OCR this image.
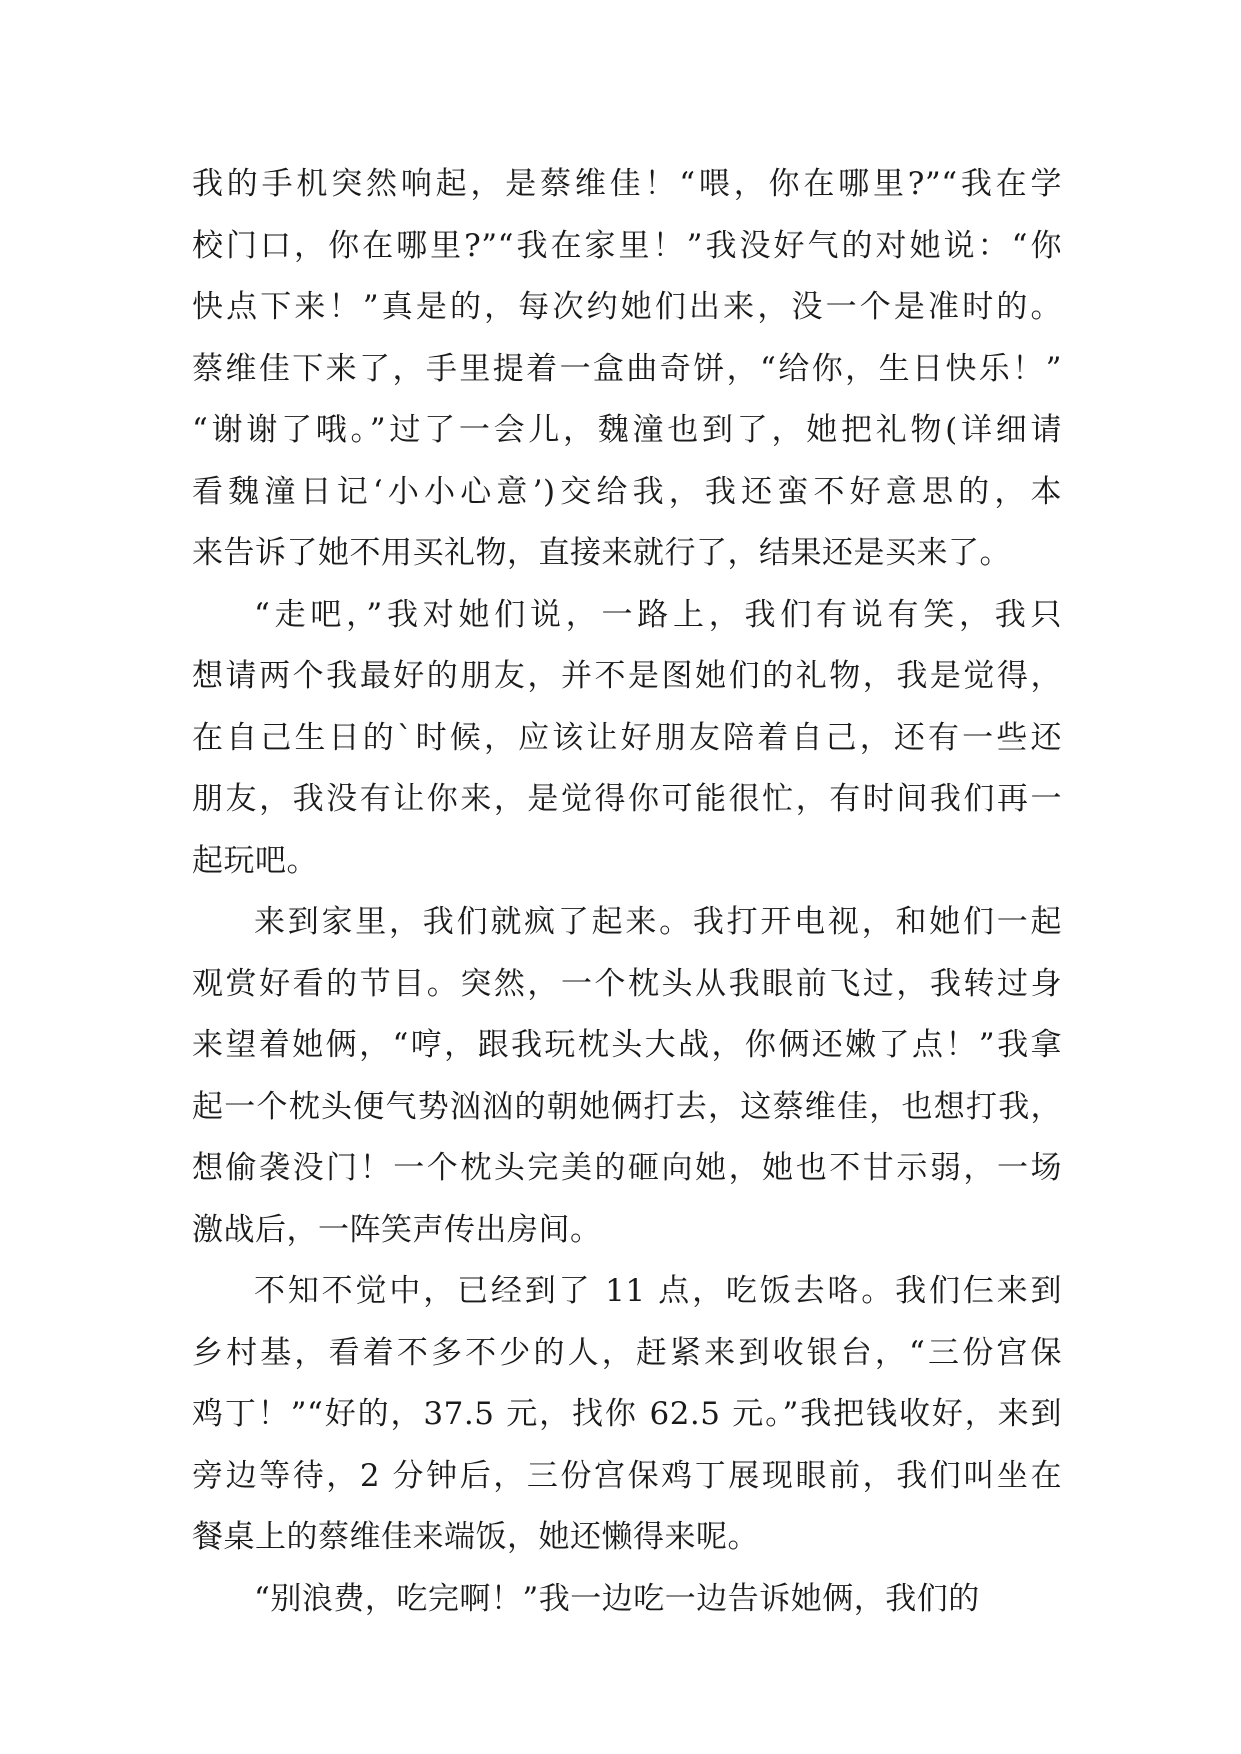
我的手机突然响起，是蔡维佳！“喂，你在哪里?”“我在学
校门口，你在哪里?”“我在家里！”我没好气的对她说：“你
快点下来！”真是的，每次约她们出来，没一个是准时的。
蔡维佳下来了，手里提着一盒曲奇饼，“给你，生日快乐！”
“谢谢了哦。”过了一会儿，魏潼也到了，她把礼物(详细请
看魏潼日记‘小小心意’)交给我，我还蛮不好意思的，本
来告诉了她不用买礼物，直接来就行了，结果还是买来了。
“走吧，”我对她们说，一路上，我们有说有笑，我只
想请两个我最好的朋友，并不是图她们的礼物，我是觉得，
在自己生日的`时候，应该让好朋友陪着自己，还有一些还
朋友，我没有让你来，是觉得你可能很忙，有时间我们再一
起玩吧。
来到家里，我们就疯了起来。我打开电视，和她们一起
观赏好看的节目。突然，一个枕头从我眼前飞过，我转过身
来望着她俩，“哼，跟我玩枕头大战，你俩还嫩了点！”我拿
起一个枕头便气势汹汹的朝她俩打去，这蔡维佳，也想打我，
想偷袭没门！一个枕头完美的砸向她，她也不甘示弱，一场
激战后，一阵笑声传出房间。
不知不觉中，已经到了 11 点，吃饭去咯。我们仨来到
乡村基，看着不多不少的人，赶紧来到收银台，“三份宫保
鸡丁！”“好的，37.5 元，找你 62.5 元。”我把钱收好，来到
旁边等待，2 分钟后，三份宫保鸡丁展现眼前，我们叫坐在
餐桌上的蔡维佳来端饭，她还懒得来呢。
“别浪费，吃完啊！”我一边吃一边告诉她俩，我们的
